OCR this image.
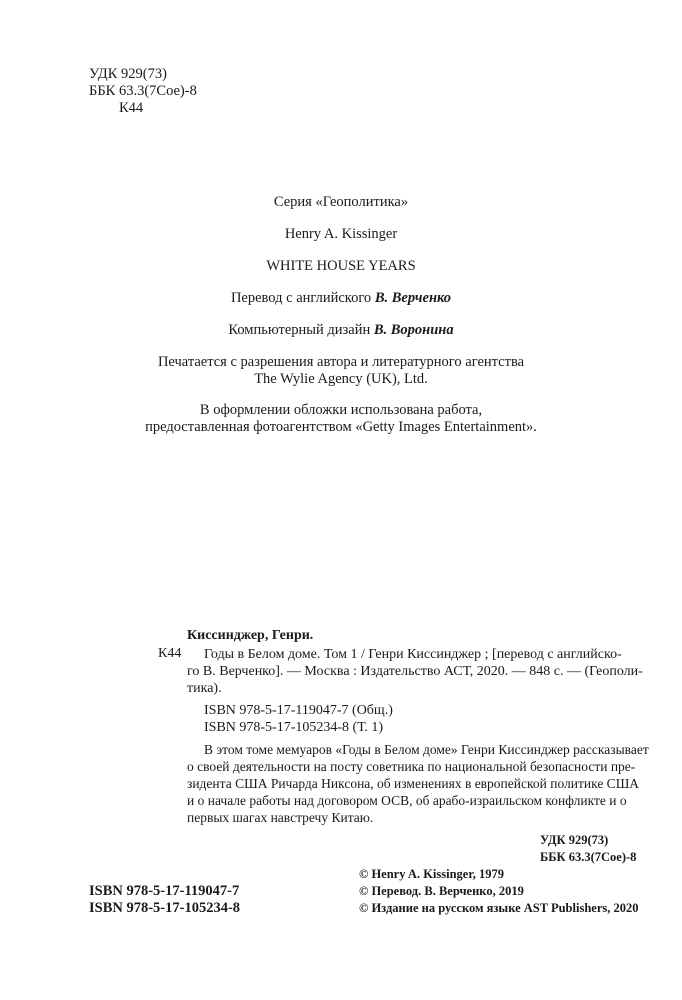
УДК 929(73)
ББК 63.3(7Сое)-8
К44
Серия «Геополитика»
Henry A. Kissinger
WHITE HOUSE YEARS
Перевод с английского В. Верченко
Компьютерный дизайн В. Воронина
Печатается с разрешения автора и литературного агентства
The Wylie Agency (UK), Ltd.
В оформлении обложки использована работа,
предоставленная фотоагентством «Getty Images Entertainment».
Киссинджер, Генри.
К44 Годы в Белом доме. Том 1 / Генри Киссинджер ; [перевод с английско-
го В. Верченко]. — Москва : Издательство АСТ, 2020. — 848 с. — (Геополи-
тика).
ISBN 978-5-17-119047-7 (Общ.)
ISBN 978-5-17-105234-8 (Т. 1)
В этом томе мемуаров «Годы в Белом доме» Генри Киссинджер рассказывает
о своей деятельности на посту советника по национальной безопасности пре-
зидента США Ричарда Никсона, об изменениях в европейской политике США
и о начале работы над договором ОСВ, об арабо-израильском конфликте и о
первых шагах навстречу Китаю.
УДК 929(73)
ББК 63.3(7Сое)-8
ISBN 978-5-17-119047-7
ISBN 978-5-17-105234-8
© Henry A. Kissinger, 1979
© Перевод. В. Верченко, 2019
© Издание на русском языке AST Publishers, 2020
